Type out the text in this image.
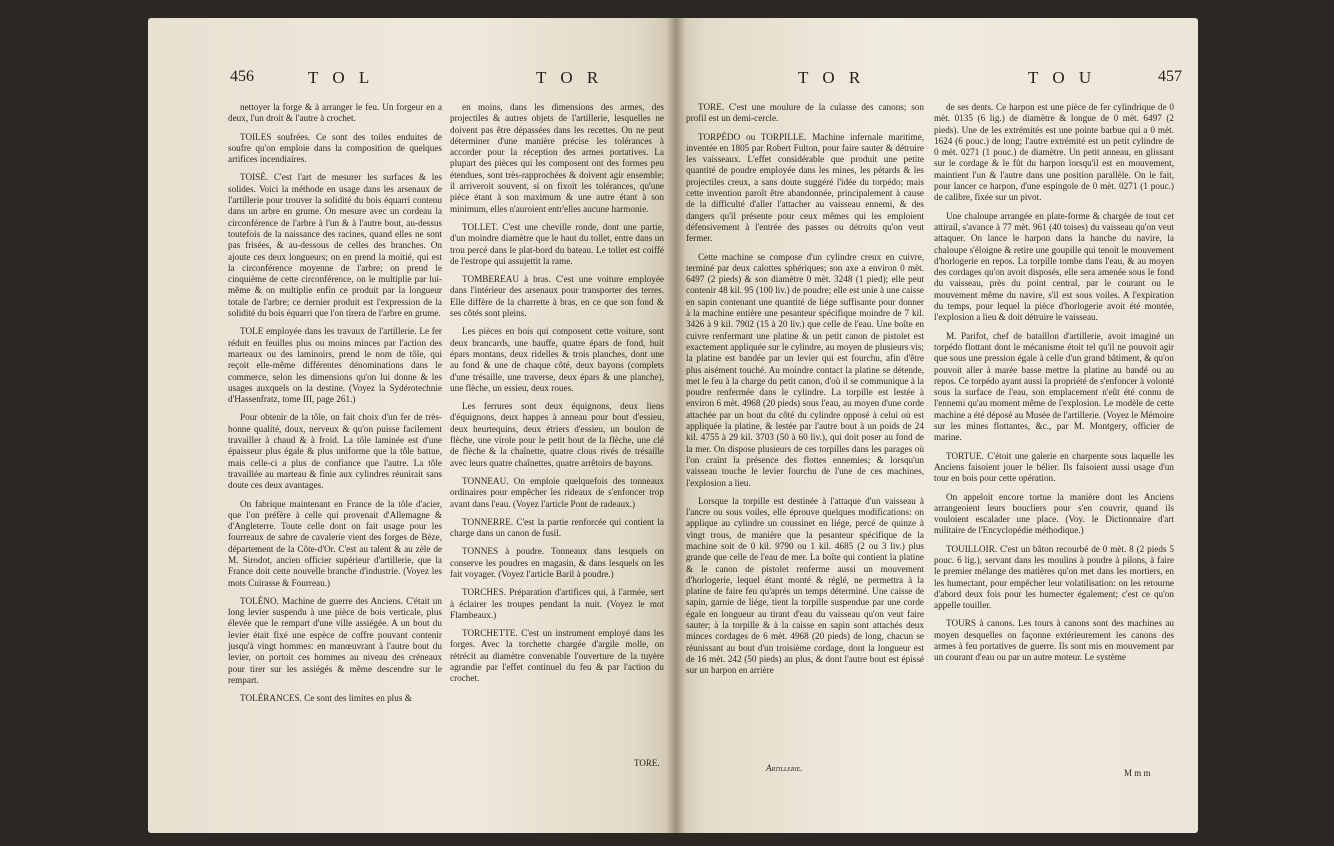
456	T O L	T O R

nettoyer la forge & à arranger le feu. Un forgeur en a deux, l'un droit & l'autre à crochet.

TOILES soufrées. Ce sont des toiles enduites de soufre qu'on emploie dans la composition de quelques artifices incendiaires.

TOISÉ. C'est l'art de mesurer les surfaces & les solides. Voici la méthode en usage dans les arsenaux de l'artillerie pour trouver la solidité du bois équarri contenu dans un arbre en grume. On mesure avec un cordeau la circonférence de l'arbre à l'un & à l'autre bout, au-dessus toutefois de la naissance des racines, quand elles ne sont pas frisées, & au-dessous de celles des branches. On ajoute ces deux longueurs; on en prend la moitié, qui est la circonférence moyenne de l'arbre; on prend le cinquième de cette circonférence, on le multiplie par lui-même & on multiplie enfin ce produit par la longueur totale de l'arbre; ce dernier produit est l'expression de la solidité du bois équarri que l'on tirera de l'arbre en grume.

TOLE employée dans les travaux de l'artillerie. Le fer réduit en feuilles plus ou moins minces par l'action des marteaux ou des laminoirs, prend le nom de tôle, qui reçoit elle-même différentes dénominations dans le commerce, selon les dimensions qu'on lui donne & les usages auxquels on la destine. (Voyez la Sydérotechnie d'Hassenfratz, tome III, page 261.)

Pour obtenir de la tôle, on fait choix d'un fer de très-bonne qualité, doux, nerveux & qu'on puisse facilement travailler à chaud & à froid. La tôle laminée est d'une épaisseur plus égale & plus uniforme que la tôle battue, mais celle-ci a plus de confiance que l'autre. La tôle travaillée au marteau & finie aux cylindres réunirait sans doute ces deux avantages.

On fabrique maintenant en France de la tôle d'acier, que l'on préfère à celle qui provenait d'Allemagne & d'Angleterre. Toute celle dont on fait usage pour les fourreaux de sabre de cavalerie vient des forges de Bèze, département de la Côte-d'Or. C'est au talent & au zèle de M. Sirodot, ancien officier supérieur d'artillerie, que la France doit cette nouvelle branche d'industrie. (Voyez les mots Cuirasse & Fourreau.)

TOLÉNO. Machine de guerre des Anciens. C'était un long levier suspendu à une pièce de bois verticale, plus élevée que le rempart d'une ville assiégée. A un bout du levier était fixé une espèce de coffre pouvant contenir jusqu'à vingt hommes: en manœuvrant à l'autre bout du levier, on portoit ces hommes au niveau des créneaux pour tirer sur les assiégés & même descendre sur le rempart.

TOLÉRANCES. Ce sont des limites en plus &

en moins, dans les dimensions des armes, des projectiles & autres objets de l'artillerie, lesquelles ne doivent pas être dépassées dans les recettes. On ne peut déterminer d'une manière précise les tolérances à accorder pour la réception des armes portatives. La plupart des pièces qui les composent ont des formes peu étendues, sont très-rapprochées & doivent agir ensemble; il arriveroit souvent, si on fixoit les tolérances, qu'une pièce étant à son maximum & une autre étant à son minimum, elles n'auroient entr'elles aucune harmonie.

TOLLET. C'est une cheville ronde, dont une partie, d'un moindre diamètre que le haut du tollet, entre dans un trou percé dans le plat-bord du bateau. Le tollet est coiffé de l'estrope qui assujettit la rame.

TOMBEREAU à bras. C'est une voiture employée dans l'intérieur des arsenaux pour transporter des terres. Elle diffère de la charrette à bras, en ce que son fond & ses côtés sont pleins.

Les pièces en bois qui composent cette voiture, sont deux brancards, une bauffe, quatre épars de fond, huit épars montans, deux ridelles & trois planches, dont une au fond & une de chaque côté, deux bayons (complets d'une trésaille, une traverse, deux épars & une planche), une flèche, un essieu, deux roues.

Les ferrures sont deux équignons, deux liens d'équignons, deux happes à anneau pour bout d'essieu, deux heurtequins, deux étriers d'essieu, un boulon de flèche, une virole pour le petit bout de la flèche, une clé de flèche & la chaînette, quatre clous rivés de trésaille avec leurs quatre chaînettes, quatre arrêtoirs de bayons.

TONNEAU. On emploie quelquefois des tonneaux ordinaires pour empêcher les rideaux de s'enfoncer trop avant dans l'eau. (Voyez l'article Pont de radeaux.)

TONNERRE. C'est la partie renforcée qui contient la charge dans un canon de fusil.

TONNES à poudre. Tonneaux dans lesquels on conserve les poudres en magasin, & dans lesquels on les fait voyager. (Voyez l'article Baril à poudre.)

TORCHES. Préparation d'artifices qui, à l'armée, sert à éclairer les troupes pendant la nuit. (Voyez le mot Flambeaux.)

TORCHETTE. C'est un instrument employé dans les forges. Avec la torchette chargée d'argile molle, on rétrécit au diamètre convenable l'ouverture de la tuyère agrandie par l'effet continuel du feu & par l'action du crochet.

TORE.
T O R	T O U	457

TORE. C'est une moulure de la culasse des canons; son profil est un demi-cercle.

TORPÉDO ou TORPILLE. Machine infernale maritime, inventée en 1805 par Robert Fulton, pour faire sauter & détruire les vaisseaux. L'effet considérable que produit une petite quantité de poudre employée dans les mines, les pétards & les projectiles creux, a sans doute suggéré l'idée du torpédo; mais cette invention paroît être abandonnée, principalement à cause de la difficulté d'aller l'attacher au vaisseau ennemi, & des dangers qu'il présente pour ceux mêmes qui les emploient défensivement à l'entrée des passes ou détroits qu'on veut fermer.

Cette machine se compose d'un cylindre creux en cuivre, terminé par deux calottes sphériques; son axe a environ 0 mèt. 6497 (2 pieds) & son diamètre 0 mèt. 3248 (1 pied); elle peut contenir 48 kil. 95 (100 liv.) de poudre; elle est unie à une caisse en sapin contenant une quantité de liége suffisante pour donner à la machine entière une pesanteur spécifique moindre de 7 kil. 3426 à 9 kil. 7902 (15 à 20 liv.) que celle de l'eau. Une boîte en cuivre renfermant une platine & un petit canon de pistolet est exactement appliquée sur le cylindre, au moyen de plusieurs vis; la platine est bandée par un levier qui est fourchu, afin d'être plus aisément touché. Au moindre contact la platine se détende, met le feu à la charge du petit canon, d'où il se communique à la poudre renfermée dans le cylindre. La torpille est lestée à environ 6 mèt. 4968 (20 pieds) sous l'eau, au moyen d'une corde attachée par un bout du côté du cylindre opposé à celui où est appliquée la platine, & lestée par l'autre bout à un poids de 24 kil. 4755 à 29 kil. 3703 (50 à 60 liv.), qui doit poser au fond de la mer. On dispose plusieurs de ces torpilles dans les parages où l'on craint la présence des flottes ennemies; & lorsqu'un vaisseau touche le levier fourchu de l'une de ces machines, l'explosion a lieu.

Lorsque la torpille est destinée à l'attaque d'un vaisseau à l'ancre ou sous voiles, elle éprouve quelques modifications: on applique au cylindre un coussinet en liége, percé de quinze à vingt trous, de manière que la pesanteur spécifique de la machine soit de 0 kil. 9790 ou 1 kil. 4685 (2 ou 3 liv.) plus grande que celle de l'eau de mer. La boîte qui contient la platine & le canon de pistolet renferme aussi un mouvement d'horlogerie, lequel étant monté & réglé, ne permettra à la platine de faire feu qu'après un temps déterminé. Une caisse de sapin, garnie de liége, tient la torpille suspendue par une corde égale en longueur au tirant d'eau du vaisseau qu'on veut faire sauter; à la torpille & à la caisse en sapin sont attachés deux minces cordages de 6 mèt. 4968 (20 pieds) de long, chacun se réunissant au bout d'un troisième cordage, dont la longueur est de 16 mèt. 242 (50 pieds) au plus, & dont l'autre bout est épissé sur un harpon en arrière

de ses dents. Ce harpon est une pièce de fer cylindrique de 0 mèt. 0135 (6 lig.) de diamètre & longue de 0 mèt. 6497 (2 pieds). Une de les extrémités est une pointe barbue qui a 0 mèt. 1624 (6 pouc.) de long; l'autre extrémité est un petit cylindre de 0 mèt. 0271 (1 pouc.) de diamètre. Un petit anneau, en glissant sur le cordage & le fût du harpon lorsqu'il est en mouvement, maintient l'un & l'autre dans une position parallèle. On le fait, pour lancer ce harpon, d'une espingole de 0 mèt. 0271 (1 pouc.) de calibre, fixée sur un pivot.

Une chaloupe arrangée en plate-forme & chargée de tout cet attirail, s'avance à 77 mèt. 961 (40 toises) du vaisseau qu'on veut attaquer. On lance le harpon dans la hanche du navire, la chaloupe s'éloigne & retire une goupille qui tenoit le mouvement d'horlogerie en repos. La torpille tombe dans l'eau, & au moyen des cordages qu'on avoit disposés, elle sera amenée sous le fond du vaisseau, près du point central, par le courant ou le mouvement même du navire, s'il est sous voiles. A l'expiration du temps, pour lequel la pièce d'horlogerie avoit été montée, l'explosion a lieu & doit détruire le vaisseau.

M. Parifot, chef de bataillon d'artillerie, avoit imaginé un torpédo flottant dont le mécanisme étoit tel qu'il ne pouvoit agir que sous une pression égale à celle d'un grand bâtiment, & qu'on pouvoit aller à marée basse mettre la platine au bandé ou au repos. Ce torpédo ayant aussi la propriété de s'enfoncer à volonté sous la surface de l'eau, son emplacement n'eût été connu de l'ennemi qu'au moment même de l'explosion. Le modèle de cette machine a été déposé au Musée de l'artillerie. (Voyez le Mémoire sur les mines flottantes, &c., par M. Montgery, officier de marine.

TORTUE. C'étoit une galerie en charpente sous laquelle les Anciens faisoient jouer le bélier. Ils faisoient aussi usage d'un tour en bois pour cette opération.

On appeloit encore tortue la manière dont les Anciens arrangeoient leurs boucliers pour s'en couvrir, quand ils vouloient escalader une place. (Voy. le Dictionnaire d'art militaire de l'Encyclopédie méthodique.)

TOUILLOIR. C'est un bâton recourbé de 0 mèt. 8 (2 pieds 5 pouc. 6 lig.), servant dans les moulins à poudre à pilons, à faire le premier mélange des matières qu'on met dans les mortiers, en les humectant, pour empêcher leur volatilisation: on les retourne d'abord deux fois pour les humecter également; c'est ce qu'on appelle touiller.

TOURS à canons. Les tours à canons sont des machines au moyen desquelles on façonne extérieurement les canons des armes à feu portatives de guerre. Ils sont mis en mouvement par un courant d'eau ou par un autre moteur. Le système

Artillerie.	M m m
